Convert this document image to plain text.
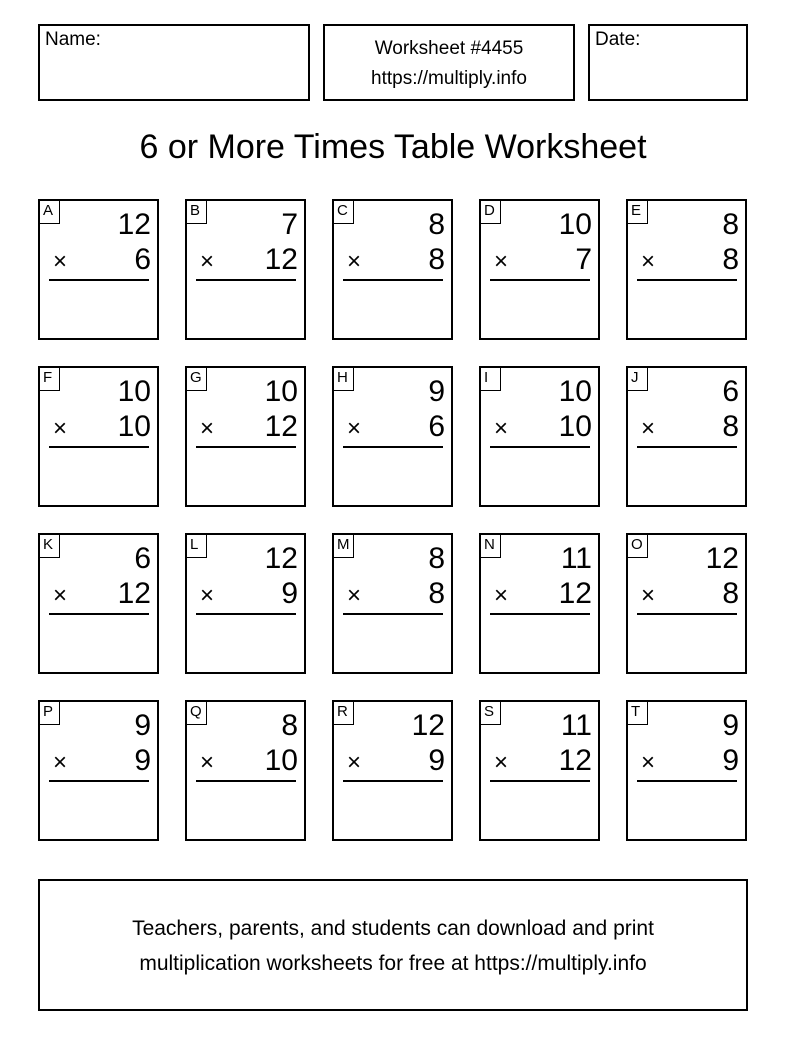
Name:	Worksheet #4455
https://multiply.info
Date:
6 or More Times Table Worksheet
A 12
× 6
B	7
× 12
C	8
× 8
D 10
× 7
E	8
× 8
F 10
× 10
G 10
× 12
H	9
× 6
I	10
× 10
J	6
× 8
K	6
× 12
L 12
× 9
M	8
× 8
N 11
× 12
O 12
× 8
P	9
× 9
Q	8
× 10
R 12
× 9
S 11
× 12
T	9
× 9
Teachers, parents, and students can download and print
multiplication worksheets for free at https://multiply.info
